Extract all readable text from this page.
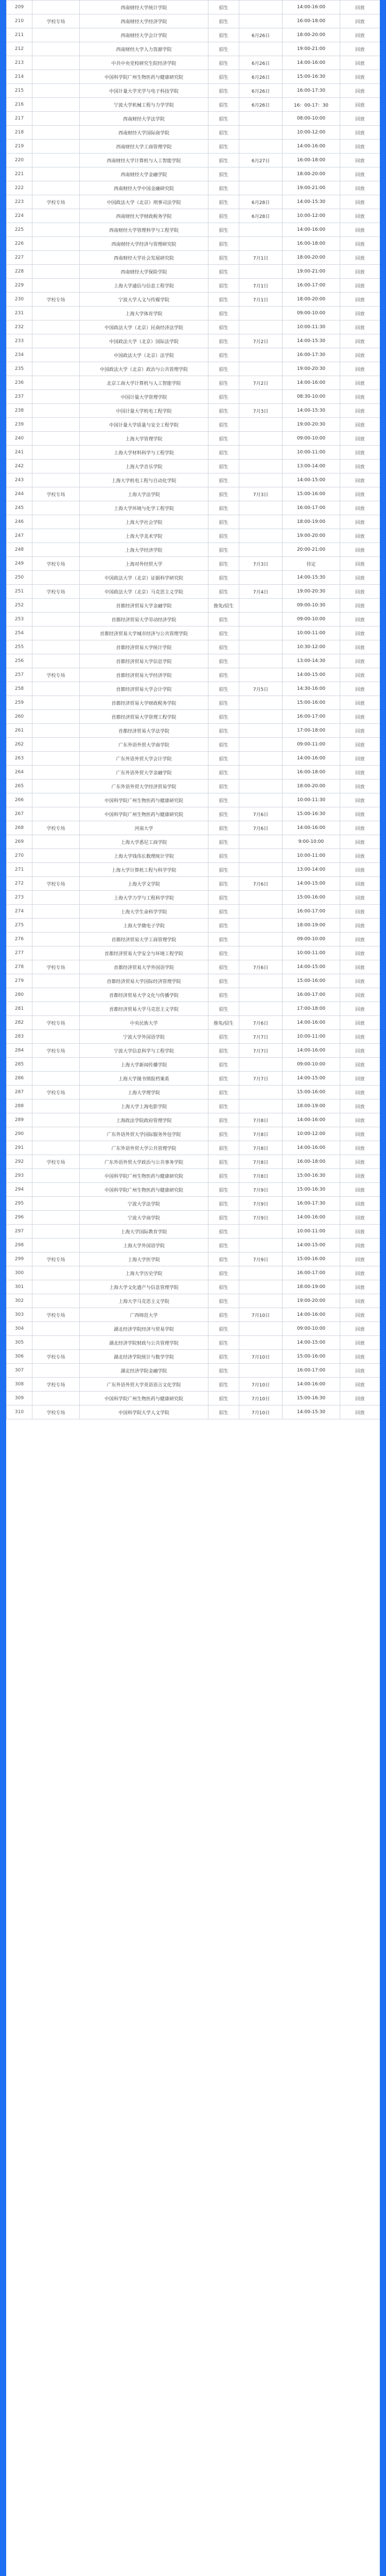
209		西南财经大学统计学院	招生		14:00-16:00	回放
210	学校专场	西南财经大学经济学院	招生		16:00-18:00	回放
211		西南财经大学会计学院	招生	6月26日	18:00-20:00	回放
212		西南财经大学人力资源学院	招生		19:00-21:00	回放
213		中共中央党校研究生院经济学院	招生	6月26日	14:00-16:00	回放
214		中国科学院广州生物医药与健康研究院	招生	6月26日	15:00-16:30	回放
215		中国计量大学光学与电子科技学院	招生	6月26日	16:00-17:30	回放
216		宁波大学机械工程与力学学院	招生	6月26日	16：00-17：30	回放
217		西南财经大学法学院	招生		08:00-10:00	回放
218		西南财经大学国际商学院	招生		10:00-12:00	回放
219		西南财经大学工商管理学院	招生		14:00-16:00	回放
220		西南财经大学计算机与人工智能学院	招生	6月27日	16:00-18:00	回放
221		西南财经大学金融学院	招生		18:00-20:00	回放
222		西南财经大学中国金融研究院	招生		19:00-21:00	回放
223	学校专场	中国政法大学（北京）刑事司法学院	招生	6月28日	14:00-15:30	回放
224		西南财经大学财政税务学院	招生	6月28日	10:00-12:00	回放
225		西南财经大学管理科学与工程学院	招生		14:00-16:00	回放
226		西南财经大学经济与管理研究院	招生		16:00-18:00	回放
227		西南财经大学社会发展研究院	招生	7月1日	18:00-20:00	回放
228		西南财经大学保险学院	招生		19:00-21:00	回放
229		上海大学通信与信息工程学院	招生	7月1日	16:00-17:00	回放
230	学校专场	宁波大学人文与传媒学院	招生	7月1日	18:00-20:00	回放
231		上海大学体育学院	招生		09:00-10:00	回放
232		中国政法大学（北京）民商经济法学院	招生		10:00-11:30	回放
233		中国政法大学（北京）国际法学院	招生	7月2日	14:00-15:30	回放
234		中国政法大学（北京）法学院	招生		16:00-17:30	回放
235		中国政法大学（北京）政治与公共管理学院	招生		19:00-20:30	回放
236		北京工商大学计算机与人工智能学院	招生	7月2日	14:00-16:00	回放
237		中国计量大学管理学院	招生		08:30-10:00	回放
238		中国计量大学机电工程学院	招生	7月3日	14:00-15:30	回放
239		中国计量大学质量与安全工程学院	招生		19:00-20:30	回放
240		上海大学管理学院	招生		09:00-10:00	回放
241		上海大学材料科学与工程学院	招生		10:00-11:00	回放
242		上海大学音乐学院	招生		13:00-14:00	回放
243		上海大学机电工程与自动化学院	招生		14:00-15:00	回放
244	学校专场	上海大学法学院	招生	7月3日	15:00-16:00	回放
245		上海大学环境与化学工程学院	招生		16:00-17:00	回放
246		上海大学社会学院	招生		18:00-19:00	回放
247		上海大学美术学院	招生		19:00-20:00	回放
248		上海大学经济学院	招生		20:00-21:00	回放
249	学校专场	上海对外经贸大学	招生	7月3日	待定	回放
250		中国政法大学（北京）证据科学研究院	招生		14:00-15:30	回放
251	学校专场	中国政法大学（北京）马克思主义学院	招生	7月4日	19:00-20:30	回放
252		首都经济贸易大学金融学院	推免/招生		09:00-10:30	回放
253		首都经济贸易大学劳动经济学院	招生		09:00-10:00	回放
254		首都经济贸易大学城市经济与公共管理学院	招生		10:00-11:00	回放
255		首都经济贸易大学统计学院	招生		10:30-12:00	回放
256		首都经济贸易大学信息学院	招生		13:00-14:30	回放
257	学校专场	首都经济贸易大学经济学院	招生		14:00-15:00	回放
258		首都经济贸易大学会计学院	招生	7月5日	14:30-16:00	回放
259		首都经济贸易大学财政税务学院	招生		15:00-16:00	回放
260		首都经济贸易大学管理工程学院	招生		16:00-17:00	回放
261		首都经济贸易大学法学院	招生		17:00-18:00	回放
262		广东外语外贸大学商学院	招生		09:00-11:00	回放
263		广东外语外贸大学会计学院	招生		14:00-16:00	回放
264		广东外语外贸大学金融学院	招生		16:00-18:00	回放
265		广东外语外贸大学经济贸易学院	招生		18:00-20:00	回放
266		中国科学院广州生物医药与健康研究院	招生		10:00-11:30	回放
267		中国科学院广州生物医药与健康研究院	招生	7月6日	15:00-16:30	回放
268	学校专场	河南大学	招生	7月6日	14:00-16:00	回放
269		上海大学悉尼工商学院	招生		9:00-10:00	回放
270		上海大学钱伟长数理统计学院	招生		10:00-11:00	回放
271		上海大学计算机工程与科学学院	招生		13:00-14:00	回放
272	学校专场	上海大学文学院	招生	7月6日	14:00-15:00	回放
273		上海大学力学与工程科学学院	招生		15:00-16:00	回放
274		上海大学生命科学学院	招生		16:00-17:00	回放
275		上海大学微电子学院	招生		18:00-19:00	回放
276		首都经济贸易大学工商管理学院	招生		09:00-10:00	回放
277		首都经济贸易大学安全与环境工程学院	招生		10:00-11:00	回放
278	学校专场	首都经济贸易大学外国语学院	招生	7月6日	14:00-15:00	回放
279		首都经济贸易大学国际经济管理学院	招生		15:00-16:00	回放
280		首都经济贸易大学文化与传播学院	招生		16:00-17:00	回放
281		首都经济贸易大学马克思主义学院	招生		17:00-18:00	回放
282	学校专场	中央民族大学	推免/招生	7月6日	14:00-16:00	回放
283		宁波大学外国语学院	招生	7月7日	10:00-11:00	回放
284	学校专场	宁波大学信息科学与工程学院	招生	7月7日	14:00-16:00	回放
285		上海大学新闻传播学院	招生		09:00-10:00	回放
286		上海大学图书情报档案系	招生	7月7日	14:00-15:00	回放
287	学校专场	上海大学理学院	招生		15:00-16:00	回放
288		上海大学上海电影学院	招生		18:00-19:00	回放
289		上海政法学院政府管理学院	招生	7月8日	14:00-16:00	回放
290		广东外语外贸大学国际服务外包学院	招生	7月8日	10:00-12:00	回放
291		广东外语外贸大学公共管理学院	招生	7月8日	14:00-16:00	回放
292	学校专场	广东外语外贸大学政治与公共事务学院	招生	7月8日	16:00-18:00	回放
293		中国科学院广州生物医药与健康研究院	招生	7月8日	15:00-16:30	回放
294		中国科学院广州生物医药与健康研究院	招生	7月9日	15:00-16:30	回放
295		宁波大学法学院	招生	7月9日	16:00-17:30	回放
296		宁波大学商学院	招生	7月9日	14:00-16:00	回放
297		上海大学国际教育学院	招生		10:00-11:00	回放
298		上海大学外国语学院	招生		14:00-15:00	回放
299	学校专场	上海大学医学院	招生	7月9日	15:00-16:00	回放
300		上海大学历史学院	招生		16:00-17:00	回放
301		上海大学文化遗产与信息管理学院	招生		18:00-19:00	回放
302		上海大学马克思主义学院	招生		19:00-20:00	回放
303	学校专场	广西师范大学	招生	7月10日	14:00-16:00	回放
304		湖北经济学院经济与贸易学院	招生		09:00-10:00	回放
305		湖北经济学院财政与公共管理学院	招生		14:00-15:00	回放
306	学校专场	湖北经济学院统计与数学学院	招生	7月10日	15:00-16:00	回放
307		湖北经济学院金融学院	招生		16:00-17:00	回放
308	学校专场	广东外语外贸大学英语语言文化学院	招生	7月10日	14:00-16:00	回放
309		中国科学院广州生物医药与健康研究院	招生	7月10日	15:00-16:30	回放
310	学校专场	中国科学院大学人文学院	招生	7月10日	14:00-15:30	回放
